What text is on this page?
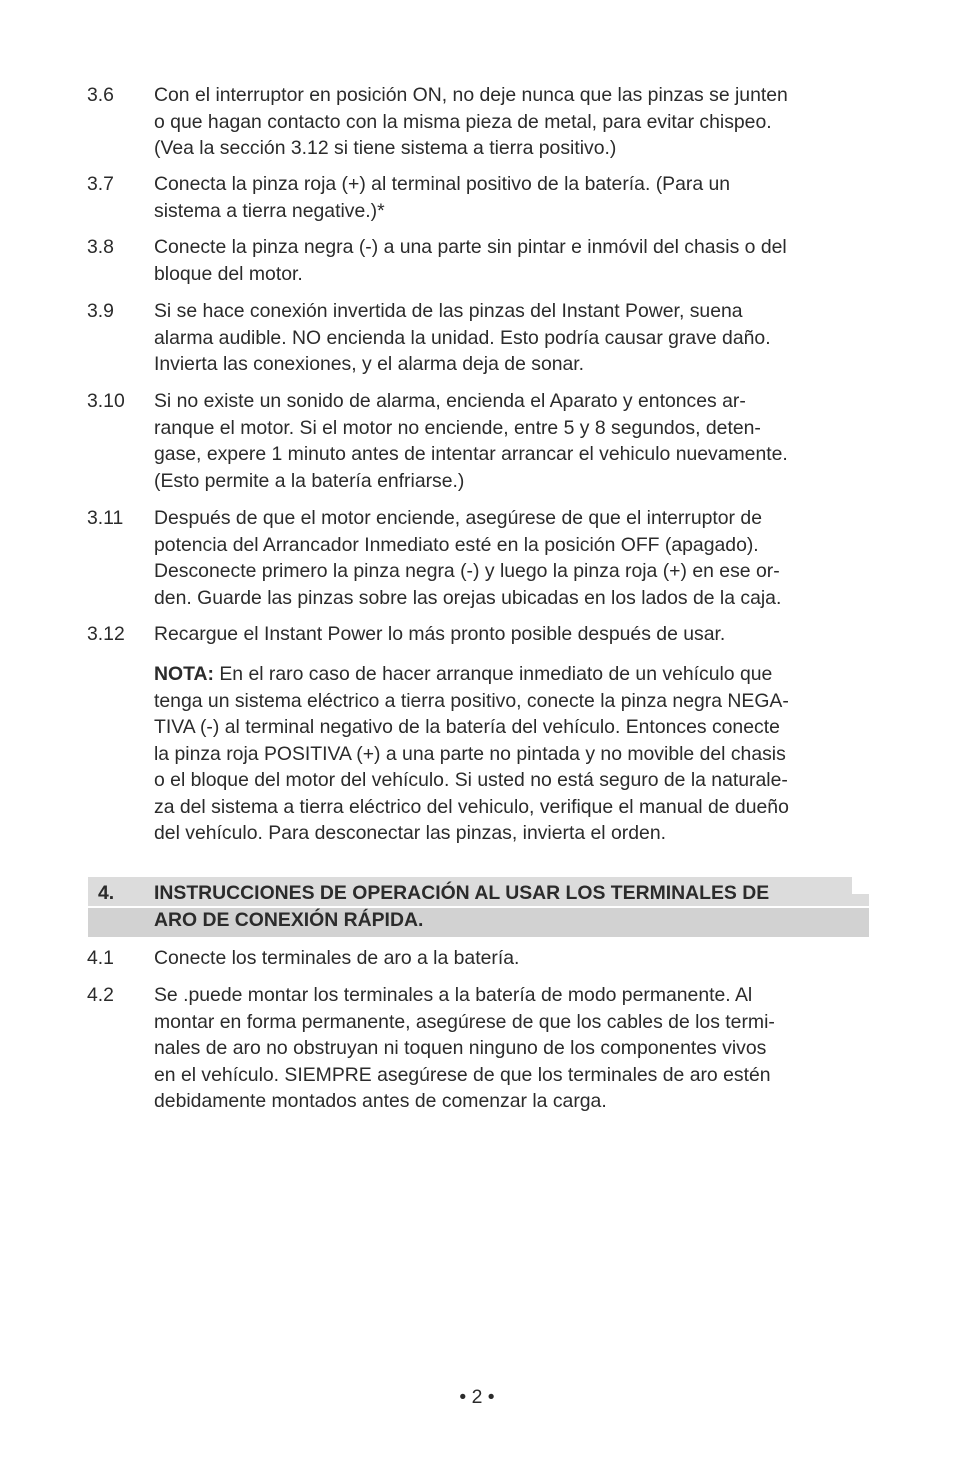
3.6	Con el interruptor en posición ON, no deje nunca que las pinzas se junten
o que hagan contacto con la misma pieza de metal, para evitar chispeo.
(Vea la sección 3.12 si tiene sistema a tierra positivo.)
3.7	Conecta la pinza roja (+) al terminal positivo de la batería. (Para un
sistema a tierra negative.)*
3.8	Conecte la pinza negra (-) a una parte sin pintar e inmóvil del chasis o del
bloque del motor.
3.9	Si se hace conexión invertida de las pinzas del Instant Power, suena
alarma audible. NO encienda la unidad. Esto podría causar grave daño.
Invierta las conexiones, y el alarma deja de sonar.
3.10	Si no existe un sonido de alarma, encienda el Aparato y entonces ar-
ranque el motor. Si el motor no enciende, entre 5 y 8 segundos, deten-
gase, expere 1 minuto antes de intentar arrancar el vehiculo nuevamente.
(Esto permite a la batería enfriarse.)
3.11	Después de que el motor enciende, asegúrese de que el interruptor de
potencia del Arrancador Inmediato esté en la posición OFF (apagado).
Desconecte primero la pinza negra (-) y luego la pinza roja (+) en ese or-
den. Guarde las pinzas sobre las orejas ubicadas en los lados de la caja.
3.12	Recargue el Instant Power lo más pronto posible después de usar.
NOTA: En el raro caso de hacer arranque inmediato de un vehículo que
tenga un sistema eléctrico a tierra positivo, conecte la pinza negra NEGA-
TIVA (-) al terminal negativo de la batería del vehículo. Entonces conecte
la pinza roja POSITIVA (+) a una parte no pintada y no movible del chasis
o el bloque del motor del vehículo. Si usted no está seguro de la naturale-
za del sistema a tierra eléctrico del vehiculo, verifique el manual de dueño
del vehículo. Para desconectar las pinzas, invierta el orden.
4. INSTRUCCIONES DE OPERACIÓN AL USAR LOS TERMINALES DE
ARO DE CONEXIÓN RÁPIDA.
4.1	Conecte los terminales de aro a la batería.
4.2	Se .puede montar los terminales a la batería de modo permanente. Al
montar en forma permanente, asegúrese de que los cables de los termi-
nales de aro no obstruyan ni toquen ninguno de los componentes vivos
en el vehículo. SIEMPRE asegúrese de que los terminales de aro estén
debidamente montados antes de comenzar la carga.
• 2 •
